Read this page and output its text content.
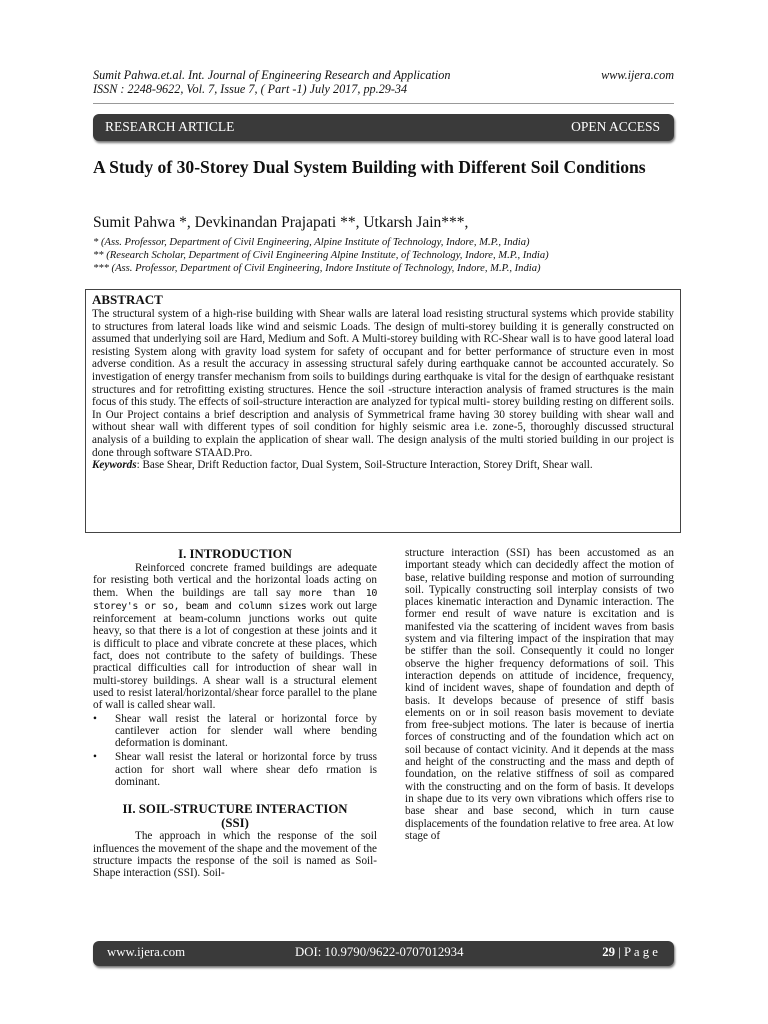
Sumit Pahwa.et.al. Int. Journal of Engineering Research and Application
ISSN : 2248-9622, Vol. 7, Issue 7, ( Part -1) July 2017, pp.29-34
www.ijera.com
RESEARCH ARTICLE	OPEN ACCESS
A Study of 30-Storey Dual System Building with Different Soil Conditions
Sumit Pahwa *, Devkinandan Prajapati **, Utkarsh Jain***,
* (Ass. Professor, Department of Civil Engineering, Alpine Institute of Technology, Indore, M.P., India)
** (Research Scholar, Department of Civil Engineering Alpine Institute, of Technology, Indore, M.P., India)
*** (Ass. Professor, Department of Civil Engineering, Indore Institute of Technology, Indore, M.P., India)
ABSTRACT
The structural system of a high-rise building with Shear walls are lateral load resisting structural systems which provide stability to structures from lateral loads like wind and seismic Loads. The design of multi-storey building it is generally constructed on assumed that underlying soil are Hard, Medium and Soft. A Multi-storey building with RC-Shear wall is to have good lateral load resisting System along with gravity load system for safety of occupant and for better performance of structure even in most adverse condition. As a result the accuracy in assessing structural safely during earthquake cannot be accounted accurately. So investigation of energy transfer mechanism from soils to buildings during earthquake is vital for the design of earthquake resistant structures and for retrofitting existing structures. Hence the soil -structure interaction analysis of framed structures is the main focus of this study. The effects of soil-structure interaction are analyzed for typical multi- storey building resting on different soils. In Our Project contains a brief description and analysis of Symmetrical frame having 30 storey building with shear wall and without shear wall with different types of soil condition for highly seismic area i.e. zone-5, thoroughly discussed structural analysis of a building to explain the application of shear wall. The design analysis of the multi storied building in our project is done through software STAAD.Pro.
Keywords: Base Shear, Drift Reduction factor, Dual System, Soil-Structure Interaction, Storey Drift, Shear wall.
I. INTRODUCTION

Reinforced concrete framed buildings are adequate for resisting both vertical and the horizontal loads acting on them. When the buildings are tall say more than 10 storey's or so, beam and column sizes work out large reinforcement at beam-column junctions works out quite heavy, so that there is a lot of congestion at these joints and it is difficult to place and vibrate concrete at these places, which fact, does not contribute to the safety of buildings. These practical difficulties call for introduction of shear wall in multi-storey buildings. A shear wall is a structural element used to resist lateral/horizontal/shear force parallel to the plane of wall is called shear wall.

• Shear wall resist the lateral or horizontal force by cantilever action for slender wall where bending deformation is dominant.

• Shear wall resist the lateral or horizontal force by truss action for short wall where shear defo rmation is dominant.

II. SOIL-STRUCTURE INTERACTION
(SSI)

The approach in which the response of the soil influences the movement of the shape and the movement of the structure impacts the response of the soil is named as Soil-Shape interaction (SSI). Soil-

structure interaction (SSI) has been accustomed as an important steady which can decidedly affect the motion of base, relative building response and motion of surrounding soil. Typically constructing soil interplay consists of two places kinematic interaction and Dynamic interaction. The former end result of wave nature is excitation and is manifested via the scattering of incident waves from basis system and via filtering impact of the inspiration that may be stiffer than the soil. Consequently it could no longer observe the higher frequency deformations of soil. This interaction depends on attitude of incidence, frequency, kind of incident waves, shape of foundation and depth of basis. It develops because of presence of stiff basis elements on or in soil reason basis movement to deviate from free-subject motions. The later is because of inertia forces of constructing and of the foundation which act on soil because of contact vicinity. And it depends at the mass and height of the constructing and the mass and depth of foundation, on the relative stiffness of soil as compared with the constructing and on the form of basis. It develops in shape due to its very own vibrations which offers rise to base shear and base second, which in turn cause displacements of the foundation relative to free area. At low stage of

www.ijera.com	DOI: 10.9790/9622-0707012934	29 | P a g e
